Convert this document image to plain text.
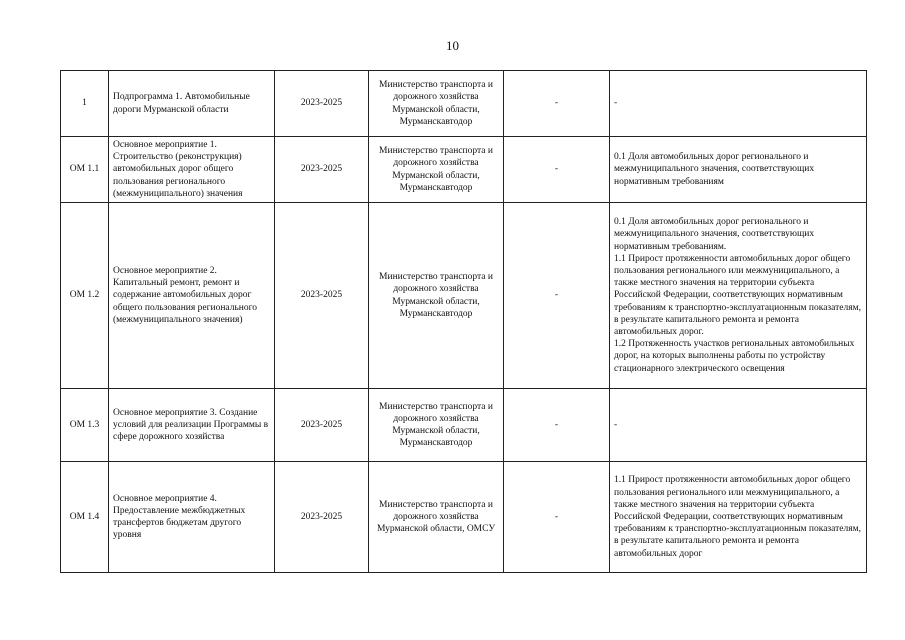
10
1	Подпрограмма 1. Автомобильные дороги Мурманской области	2023-2025	Министерство транспорта и дорожного хозяйства Мурманской области, Мурманскавтодор	-	-

ОМ 1.1	Основное мероприятие 1. Строительство (реконструкция) автомобильных дорог общего пользования регионального (межмуниципального) значения	2023-2025	Министерство транспорта и дорожного хозяйства Мурманской области, Мурманскавтодор	-	0.1 Доля автомобильных дорог регионального и межмуниципального значения, соответствующих нормативным требованиям

ОМ 1.2	Основное мероприятие 2. Капитальный ремонт, ремонт и содержание автомобильных дорог общего пользования регионального (межмуниципального значения)	2023-2025	Министерство транспорта и дорожного хозяйства Мурманской области, Мурманскавтодор	-	0.1 Доля автомобильных дорог регионального и межмуниципального значения, соответствующих нормативным требованиям.
1.1 Прирост протяженности автомобильных дорог общего пользования регионального или межмуниципального, а также местного значения на территории субъекта Российской Федерации, соответствующих нормативным требованиям к транспортно-эксплуатационным показателям, в результате капитального ремонта и ремонта автомобильных дорог.
1.2 Протяженность участков региональных автомобильных дорог, на которых выполнены работы по устройству стационарного электрического освещения

ОМ 1.3	Основное мероприятие 3. Создание условий для реализации Программы в сфере дорожного хозяйства	2023-2025	Министерство транспорта и дорожного хозяйства Мурманской области, Мурманскавтодор	-	-

ОМ 1.4	Основное мероприятие 4. Предоставление межбюджетных трансфертов бюджетам другого уровня	2023-2025	Министерство транспорта и дорожного хозяйства Мурманской области, ОМСУ	-	1.1 Прирост протяженности автомобильных дорог общего пользования регионального или межмуниципального, а также местного значения на территории субъекта Российской Федерации, соответствующих нормативным требованиям к транспортно-эксплуатационным показателям, в результате капитального ремонта и ремонта автомобильных дорог
